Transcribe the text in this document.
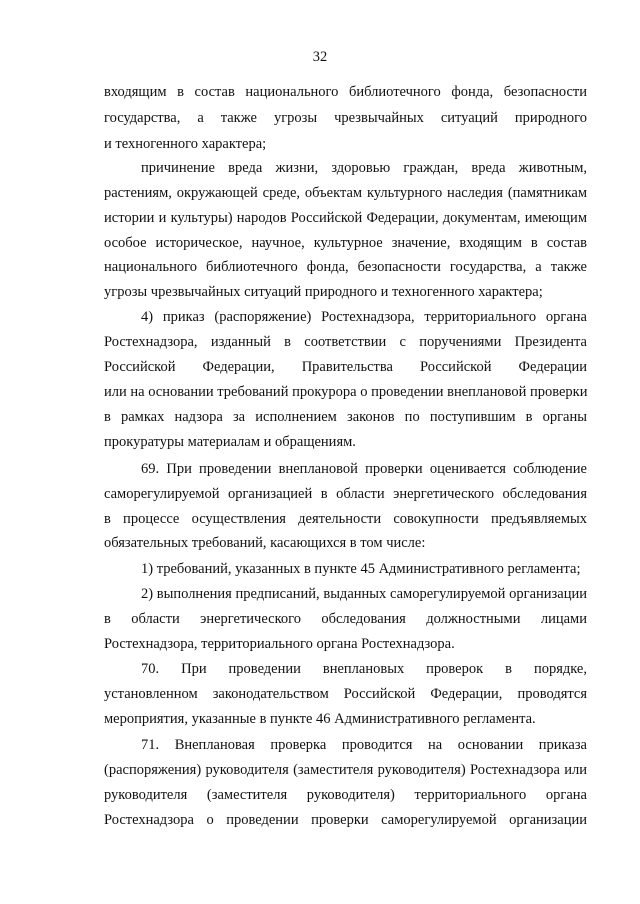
32
входящим в состав национального библиотечного фонда, безопасности
государства, а также угрозы чрезвычайных ситуаций природного
и техногенного характера;
причинение вреда жизни, здоровью граждан, вреда животным,
растениям, окружающей среде, объектам культурного наследия (памятникам
истории и культуры) народов Российской Федерации, документам, имеющим
особое историческое, научное, культурное значение, входящим в состав
национального библиотечного фонда, безопасности государства, а также
угрозы чрезвычайных ситуаций природного и техногенного характера;
4) приказ (распоряжение) Ростехнадзора, территориального органа
Ростехнадзора, изданный в соответствии с поручениями Президента
Российской Федерации, Правительства Российской Федерации
или на основании требований прокурора о проведении внеплановой проверки
в рамках надзора за исполнением законов по поступившим в органы
прокуратуры материалам и обращениям.
69. При проведении внеплановой проверки оценивается соблюдение
саморегулируемой организацией в области энергетического обследования
в процессе осуществления деятельности совокупности предъявляемых
обязательных требований, касающихся в том числе:
1) требований, указанных в пункте 45 Административного регламента;
2) выполнения предписаний, выданных саморегулируемой организации
в области энергетического обследования должностными лицами
Ростехнадзора, территориального органа Ростехнадзора.
70. При проведении внеплановых проверок в порядке,
установленном законодательством Российской Федерации, проводятся
мероприятия, указанные в пункте 46 Административного регламента.
71. Внеплановая проверка проводится на основании приказа
(распоряжения) руководителя (заместителя руководителя) Ростехнадзора или
руководителя (заместителя руководителя) территориального органа
Ростехнадзора о проведении проверки саморегулируемой организации
